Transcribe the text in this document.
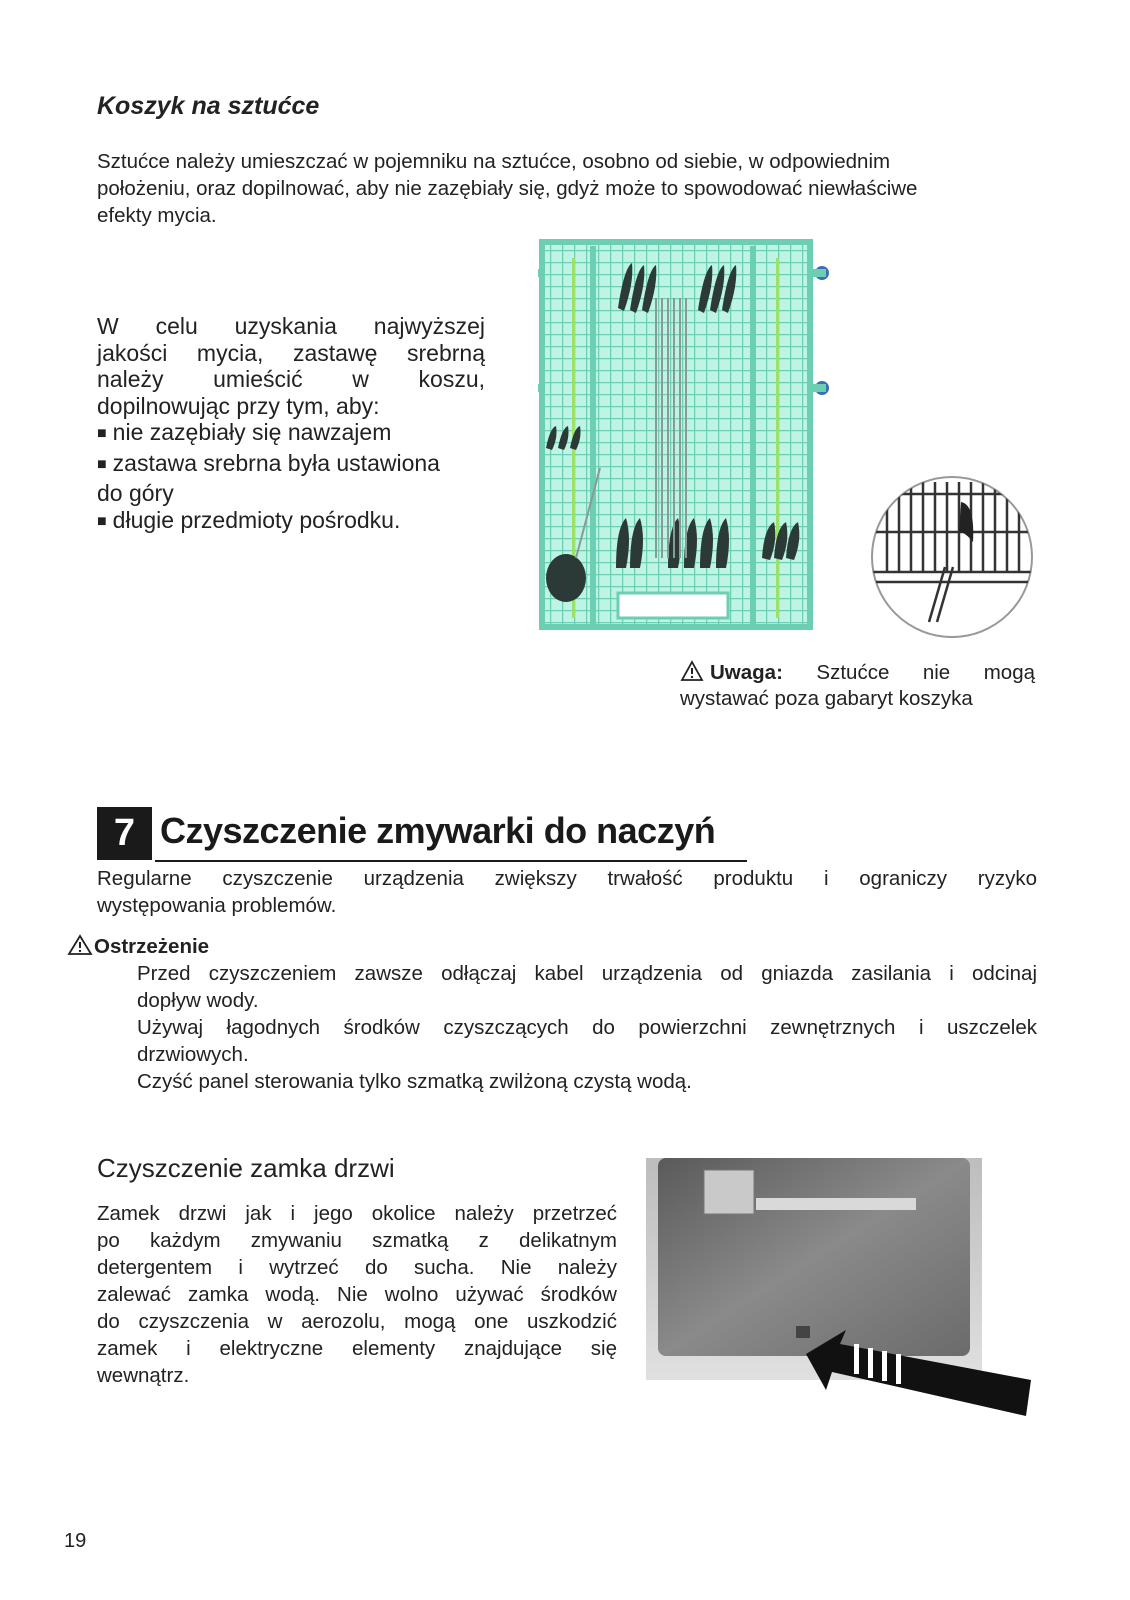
Koszyk na sztućce
Sztućce należy umieszczać w pojemniku na sztućce, osobno od siebie, w odpowiednim
położeniu, oraz dopilnować, aby nie zazębiały się, gdyż może to spowodować niewłaściwe
efekty mycia.
W celu uzyskania najwyższej
jakości mycia, zastawę srebrną
należy umieścić w koszu,
dopilnowując przy tym, aby:
■ nie zazębiały się nawzajem
■ zastawa srebrna była ustawiona
do góry
■ długie przedmioty pośrodku.
Uwaga: Sztućce nie mogą
wystawać poza gabaryt koszyka
7 Czyszczenie zmywarki do naczyń
Regularne czyszczenie urządzenia zwiększy trwałość produktu i ograniczy ryzyko
występowania problemów.
Ostrzeżenie
Przed czyszczeniem zawsze odłączaj kabel urządzenia od gniazda zasilania i odcinaj
dopływ wody.
Używaj łagodnych środków czyszczących do powierzchni zewnętrznych i uszczelek
drzwiowych.
Czyść panel sterowania tylko szmatką zwilżoną czystą wodą.
Czyszczenie zamka drzwi
Zamek drzwi jak i jego okolice należy przetrzeć
po każdym zmywaniu szmatką z delikatnym
detergentem i wytrzeć do sucha. Nie należy
zalewać zamka wodą. Nie wolno używać środków
do czyszczenia w aerozolu, mogą one uszkodzić
zamek i elektryczne elementy znajdujące się
wewnątrz.
19
